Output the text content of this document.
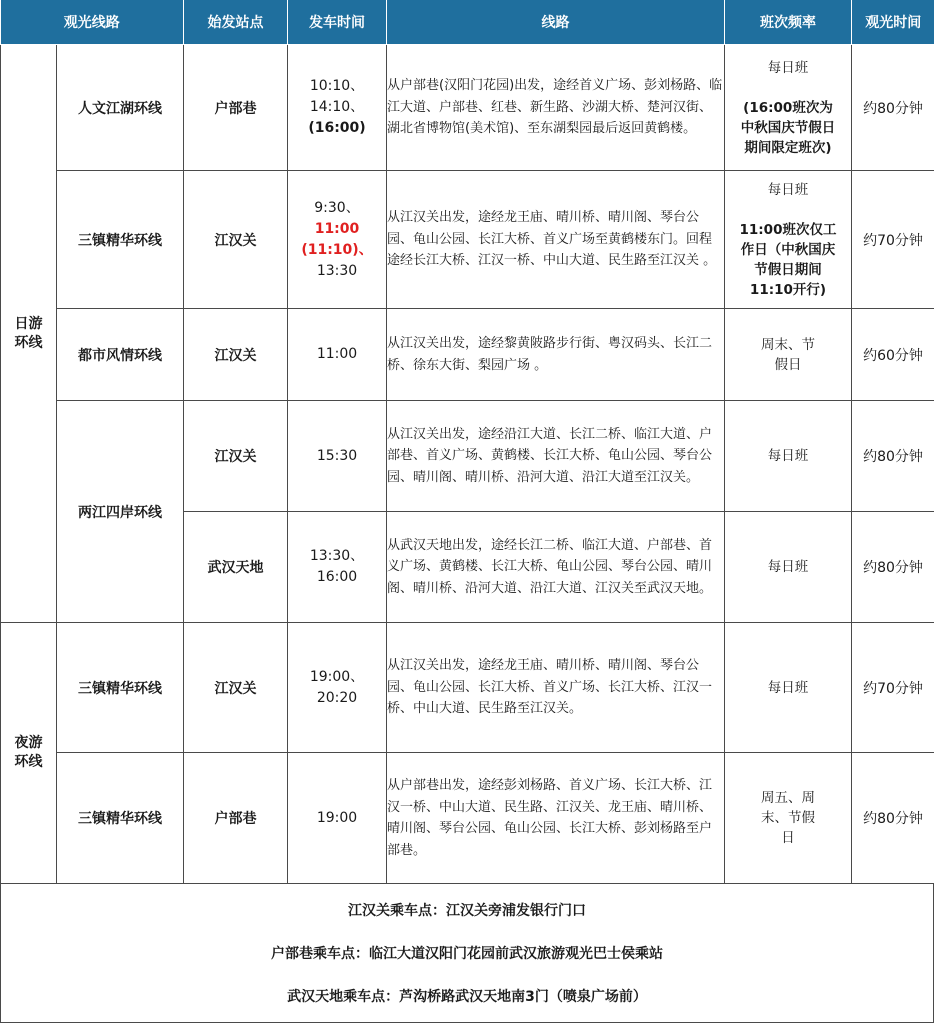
观光线路		始发站点	发车时间	线路	班次频率	观光时间
日游
环线	人文江湖环线	户部巷	10:10、
14:10、
(16:00)	从户部巷(汉阳门花园)出发，途经首义广场、彭刘杨路、临江大道、户部巷、红巷、新生路、沙湖大桥、楚河汉街、湖北省博物馆(美术馆)、至东湖梨园最后返回黄鹤楼。	每日班

(16:00班次为
中秋国庆节假日
期间限定班次)	约80分钟
	三镇精华环线	江汉关	9:30、
11:00
(11:10)、
13:30	从江汉关出发，途经龙王庙、晴川桥、晴川阁、琴台公园、龟山公园、长江大桥、首义广场至黄鹤楼东门。回程途经长江大桥、江汉一桥、中山大道、民生路至江汉关 。	每日班

11:00班次仅工
作日（中秋国庆
节假日期间
11:10开行)	约70分钟
	都市风情环线	江汉关	11:00	从江汉关出发，途经黎黄陂路步行街、粤汉码头、长江二桥、徐东大街、梨园广场 。	周末、节
假日	约60分钟
	两江四岸环线	江汉关	15:30	从江汉关出发，途经沿江大道、长江二桥、临江大道、户部巷、首义广场、黄鹤楼、长江大桥、龟山公园、琴台公园、晴川阁、晴川桥、沿河大道、沿江大道至江汉关。	每日班	约80分钟
		武汉天地	13:30、
16:00	从武汉天地出发，途经长江二桥、临江大道、户部巷、首义广场、黄鹤楼、长江大桥、龟山公园、琴台公园、晴川阁、晴川桥、沿河大道、沿江大道、江汉关至武汉天地。	每日班	约80分钟
夜游
环线	三镇精华环线	江汉关	19:00、
20:20	从江汉关出发，途经龙王庙、晴川桥、晴川阁、琴台公园、龟山公园、长江大桥、首义广场、长江大桥、江汉一桥、中山大道、民生路至江汉关。	每日班	约70分钟
	三镇精华环线	户部巷	19:00	从户部巷出发，途经彭刘杨路、首义广场、长江大桥、江汉一桥、中山大道、民生路、江汉关、龙王庙、晴川桥、晴川阁、琴台公园、龟山公园、长江大桥、彭刘杨路至户部巷。	周五、周
末、节假
日	约80分钟

江汉关乘车点：江汉关旁浦发银行门口

户部巷乘车点：临江大道汉阳门花园前武汉旅游观光巴士侯乘站

武汉天地乘车点：芦沟桥路武汉天地南3门（喷泉广场前）
